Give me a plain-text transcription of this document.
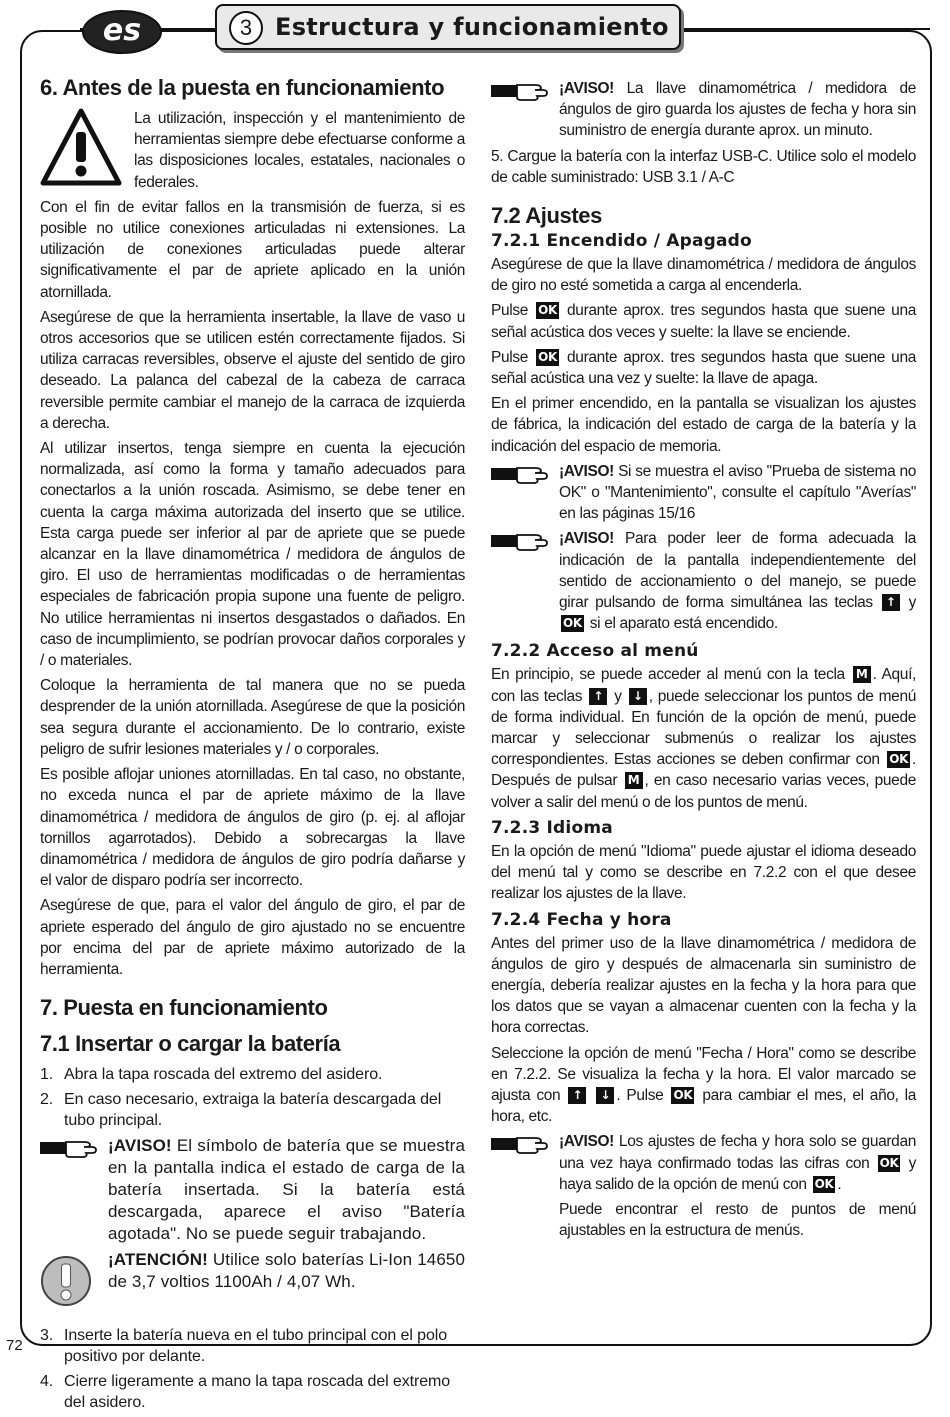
es	3 Estructura y funcionamiento
6. Antes de la puesta en funcionamiento

La utilización, inspección y el mantenimiento de herramientas siempre debe efectuarse conforme a las disposiciones locales, estatales, nacionales o federales.

Con el fin de evitar fallos en la transmisión de fuerza, si es posible no utilice conexiones articuladas ni extensiones. La utilización de conexiones articuladas puede alterar significativamente el par de apriete aplicado en la unión atornillada.

Asegúrese de que la herramienta insertable, la llave de vaso u otros accesorios que se utilicen estén correctamente fijados. Si utiliza carracas reversibles, observe el ajuste del sentido de giro deseado. La palanca del cabezal de la cabeza de carraca reversible permite cambiar el manejo de la carraca de izquierda a derecha.

Al utilizar insertos, tenga siempre en cuenta la ejecución normalizada, así como la forma y tamaño adecuados para conectarlos a la unión roscada. Asimismo, se debe tener en cuenta la carga máxima autorizada del inserto que se utilice. Esta carga puede ser inferior al par de apriete que se puede alcanzar en la llave dinamométrica / medidora de ángulos de giro. El uso de herramientas modificadas o de herramientas especiales de fabricación propia supone una fuente de peligro. No utilice herramientas ni insertos desgastados o dañados. En caso de incumplimiento, se podrían provocar daños corporales y / o materiales.

Coloque la herramienta de tal manera que no se pueda desprender de la unión atornillada. Asegúrese de que la posición sea segura durante el accionamiento. De lo contrario, existe peligro de sufrir lesiones materiales y / o corporales.

Es posible aflojar uniones atornilladas. En tal caso, no obstante, no exceda nunca el par de apriete máximo de la llave dinamométrica / medidora de ángulos de giro (p. ej. al aflojar tornillos agarrotados). Debido a sobrecargas la llave dinamométrica / medidora de ángulos de giro podría dañarse y el valor de disparo podría ser incorrecto.

Asegúrese de que, para el valor del ángulo de giro, el par de apriete esperado del ángulo de giro ajustado no se encuentre por encima del par de apriete máximo autorizado de la herramienta.

7. Puesta en funcionamiento
7.1 Insertar o cargar la batería
1. Abra la tapa roscada del extremo del asidero.
2. En caso necesario, extraiga la batería descargada del tubo principal.

¡AVISO! El símbolo de batería que se muestra en la pantalla indica el estado de carga de la batería insertada. Si la batería está descargada, aparece el aviso "Batería agotada". No se puede seguir trabajando.

¡ATENCIÓN! Utilice solo baterías Li-Ion 14650 de 3,7 voltios 1100Ah / 4,07 Wh.

3. Inserte la batería nueva en el tubo principal con el polo positivo por delante.
4. Cierre ligeramente a mano la tapa roscada del extremo del asidero.

¡AVISO! La llave dinamométrica / medidora de ángulos de giro guarda los ajustes de fecha y hora sin suministro de energía durante aprox. un minuto.

5. Cargue la batería con la interfaz USB-C. Utilice solo el modelo de cable suministrado: USB 3.1 / A-C

7.2 Ajustes
7.2.1 Encendido / Apagado

Asegúrese de que la llave dinamométrica / medidora de ángulos de giro no esté sometida a carga al encenderla.

Pulse OK durante aprox. tres segundos hasta que suene una señal acústica dos veces y suelte: la llave se enciende.

Pulse OK durante aprox. tres segundos hasta que suene una señal acústica una vez y suelte: la llave de apaga.

En el primer encendido, en la pantalla se visualizan los ajustes de fábrica, la indicación del estado de carga de la batería y la indicación del espacio de memoria.

¡AVISO! Si se muestra el aviso "Prueba de sistema no OK" o "Mantenimiento", consulte el capítulo "Averías" en las páginas 15/16

¡AVISO! Para poder leer de forma adecuada la indicación de la pantalla independientemente del sentido de accionamiento o del manejo, se puede girar pulsando de forma simultánea las teclas ↑ y OK si el aparato está encendido.

7.2.2 Acceso al menú

En principio, se puede acceder al menú con la tecla M . Aquí, con las teclas ↑ y ↓ , puede seleccionar los puntos de menú de forma individual. En función de la opción de menú, puede marcar y seleccionar submenús o realizar los ajustes correspondientes. Estas acciones se deben confirmar con OK . Después de pulsar M , en caso necesario varias veces, puede volver a salir del menú o de los puntos de menú.

7.2.3 Idioma

En la opción de menú "Idioma" puede ajustar el idioma deseado del menú tal y como se describe en 7.2.2 con el que desee realizar los ajustes de la llave.

7.2.4 Fecha y hora

Antes del primer uso de la llave dinamométrica / medidora de ángulos de giro y después de almacenarla sin suministro de energía, debería realizar ajustes en la fecha y la hora para que los datos que se vayan a almacenar cuenten con la fecha y la hora correctas.

Seleccione la opción de menú "Fecha / Hora" como se describe en 7.2.2. Se visualiza la fecha y la hora. El valor marcado se ajusta con ↑ ↓ . Pulse OK para cambiar el mes, el año, la hora, etc.

¡AVISO! Los ajustes de fecha y hora solo se guardan una vez haya confirmado todas las cifras con OK y haya salido de la opción de menú con OK .

Puede encontrar el resto de puntos de menú ajustables en la estructura de menús.

72
